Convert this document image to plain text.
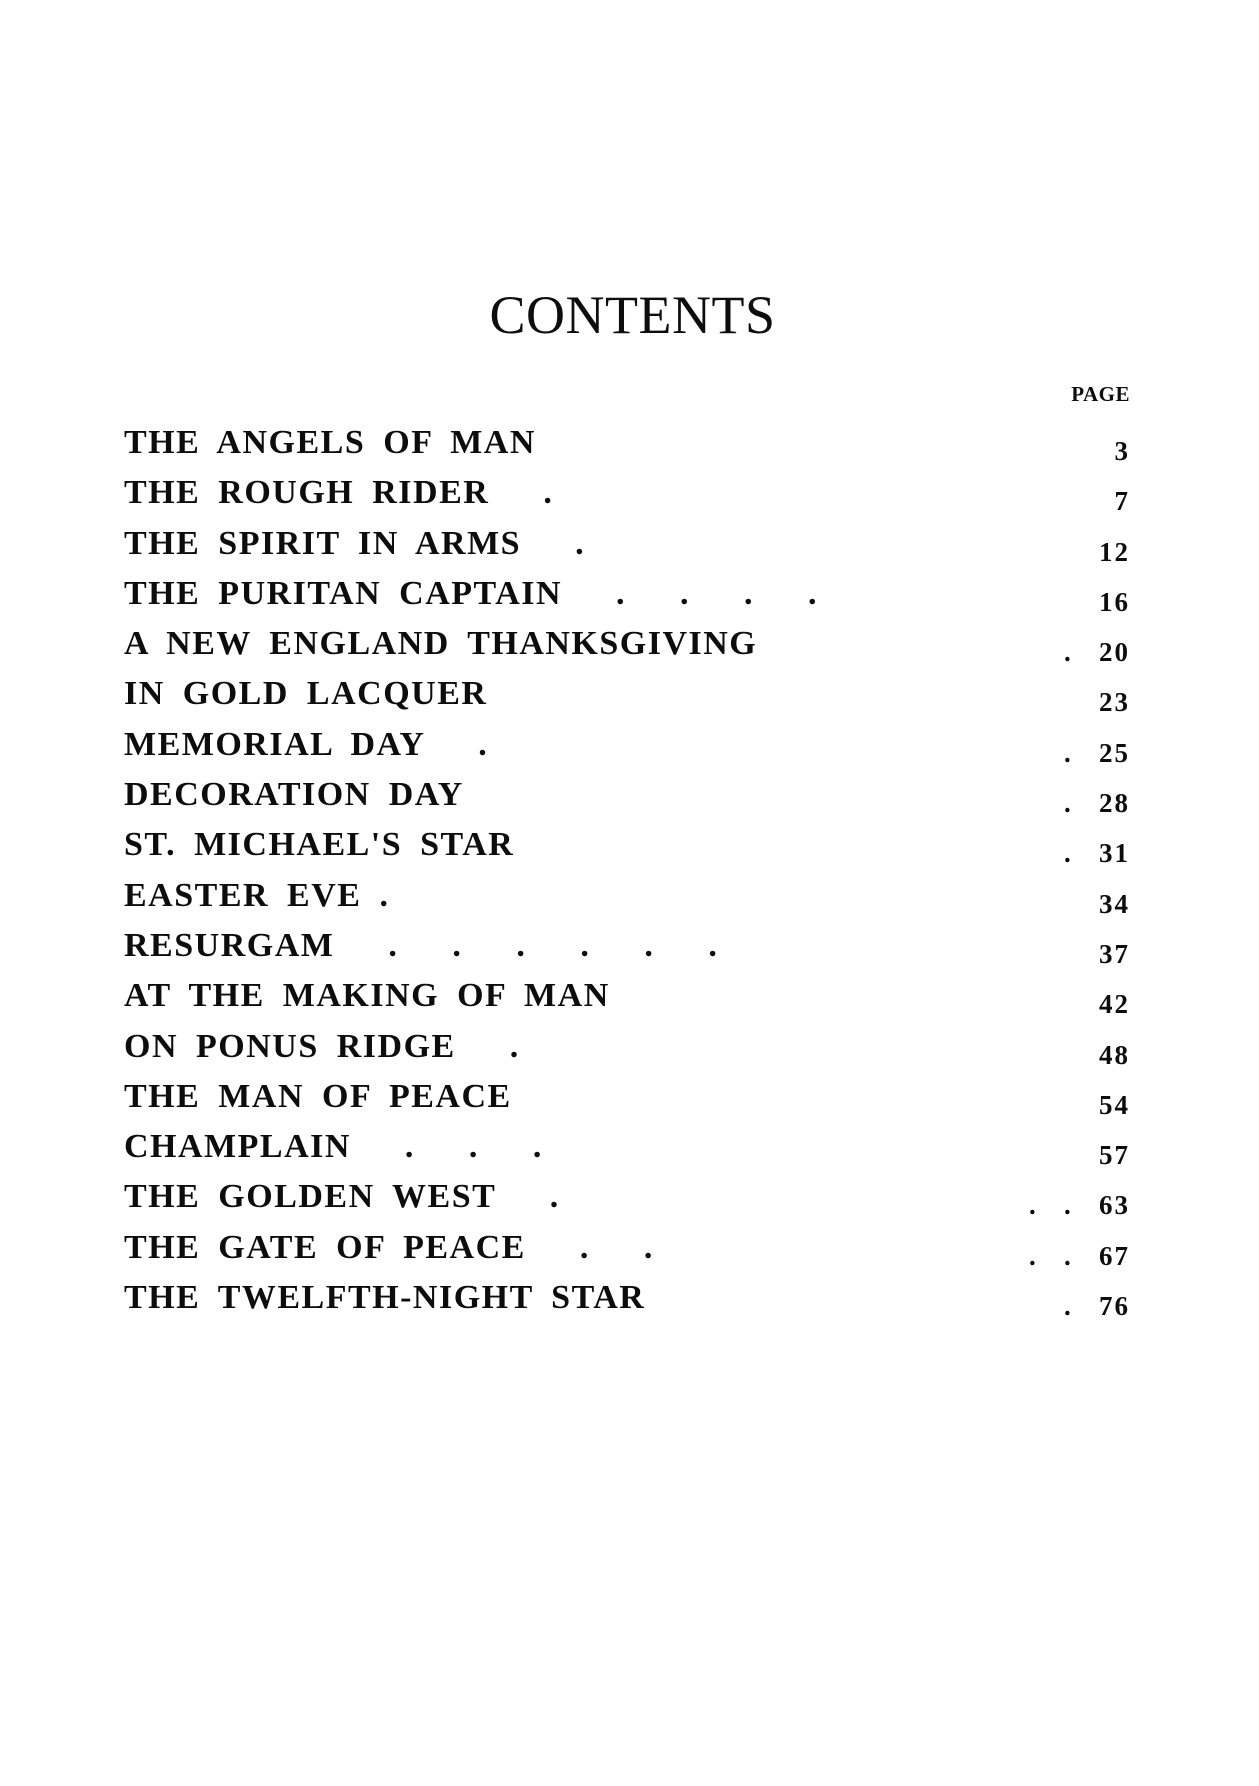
CONTENTS
PAGE
THE ANGELS OF MAN	3
THE ROUGH RIDER   .	7
THE SPIRIT IN ARMS   .	12
THE PURITAN CAPTAIN   .   .   .   .	16
A NEW ENGLAND THANKSGIVING	.   20
IN GOLD LACQUER	23
MEMORIAL DAY   .	.   25
DECORATION DAY	.   28
ST. MICHAEL'S STAR	.   31
EASTER EVE .	34
RESURGAM   .   .   .   .   .   .	37
AT THE MAKING OF MAN	42
ON PONUS RIDGE   .	48
THE MAN OF PEACE	54
CHAMPLAIN   .   .   .	57
THE GOLDEN WEST   .	.   .   63
THE GATE OF PEACE   .   .	.   .   67
THE TWELFTH-NIGHT STAR	.   76
